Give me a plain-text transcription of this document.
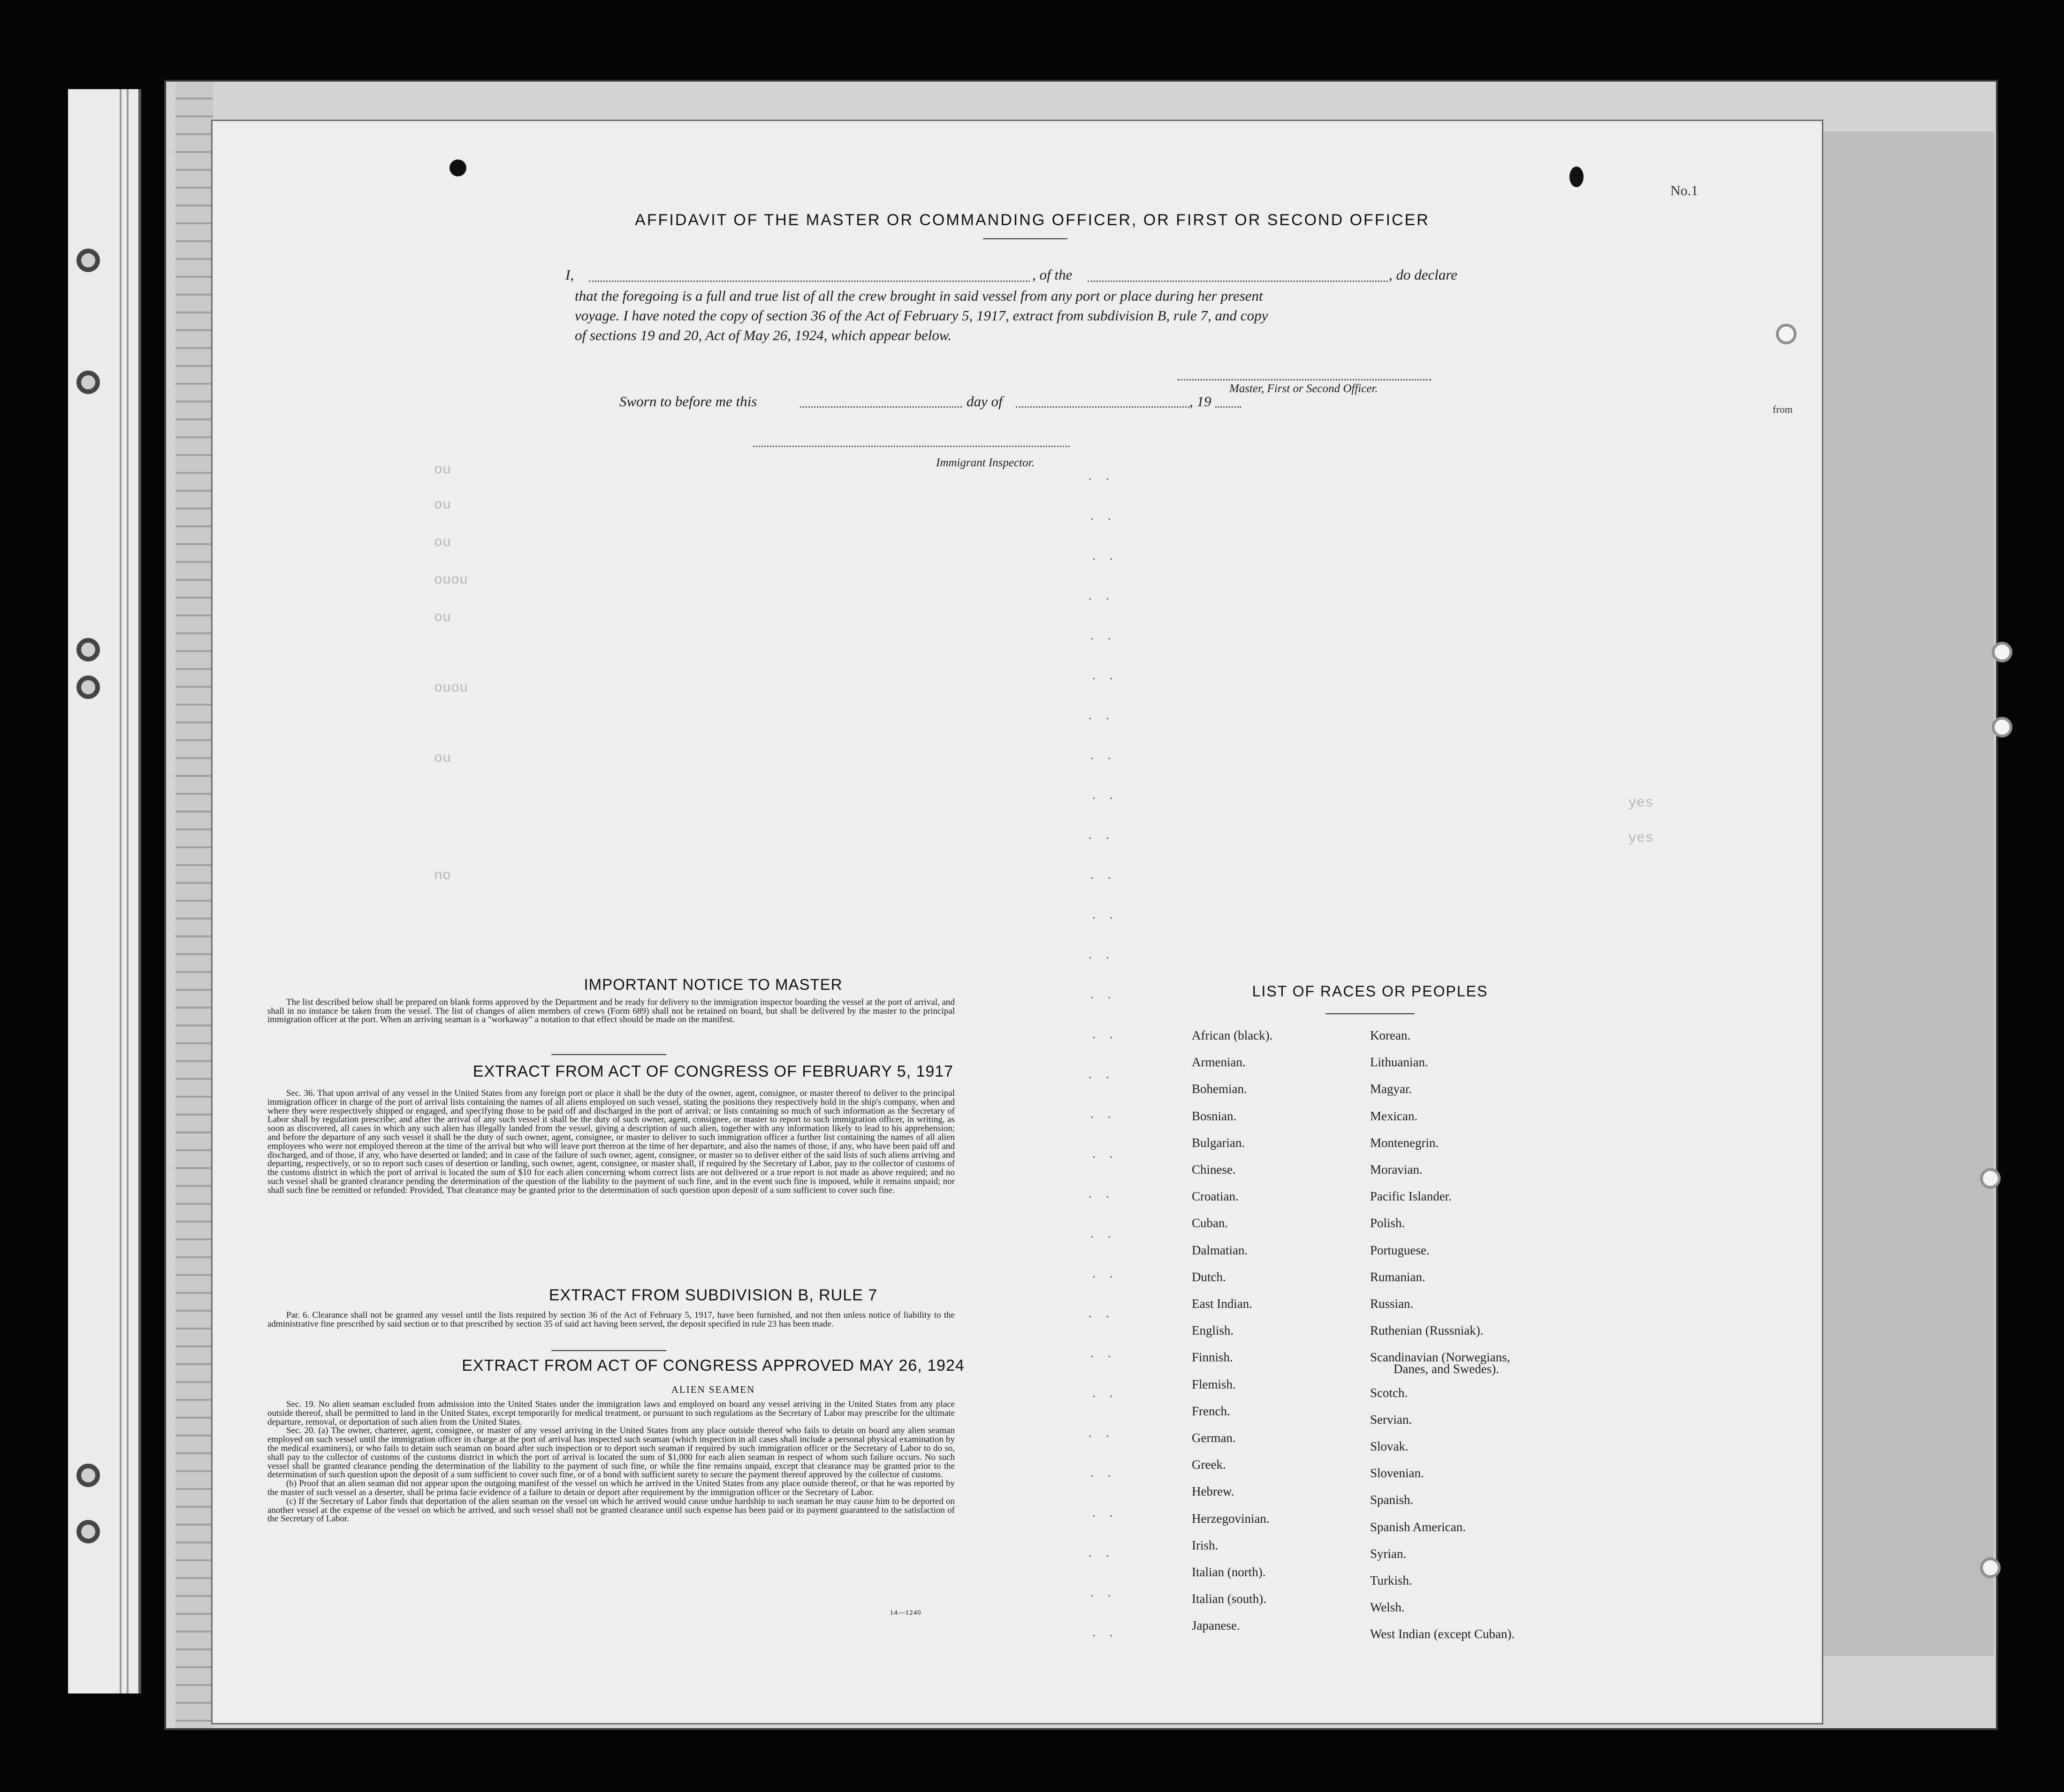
No.1
from
ou
ou
ou
ouou
ou
ouou
ou
yes
yes
no
AFFIDAVIT OF THE MASTER OR COMMANDING OFFICER, OR FIRST OR SECOND OFFICER
I,	, of the	, do declare
that the foregoing is a full and true list of all the crew brought in said vessel from any port or place during her present
voyage. I have noted the copy of section 36 of the Act of February 5, 1917, extract from subdivision B, rule 7, and copy
of sections 19 and 20, Act of May 26, 1924, which appear below.
Master, First or Second Officer.
Sworn to before me this	day of	, 19
Immigrant Inspector.
IMPORTANT NOTICE TO MASTER

The list described below shall be prepared on blank forms approved by the Department and be ready for delivery to the immigration inspector boarding the vessel at the port of arrival, and shall in no instance be taken from the vessel. The list of changes of alien members of crews (Form 689) shall not be retained on board, but shall be delivered by the master to the principal immigration officer at the port. When an arriving seaman is a "workaway" a notation to that effect should be made on the manifest.

EXTRACT FROM ACT OF CONGRESS OF FEBRUARY 5, 1917

Sec. 36. That upon arrival of any vessel in the United States from any foreign port or place it shall be the duty of the owner, agent, consignee, or master thereof to deliver to the principal immigration officer in charge of the port of arrival lists containing the names of all aliens employed on such vessel, stating the positions they respectively hold in the ship's company, when and where they were respectively shipped or engaged, and specifying those to be paid off and discharged in the port of arrival; or lists containing so much of such information as the Secretary of Labor shall by regulation prescribe; and after the arrival of any such vessel it shall be the duty of such owner, agent, consignee, or master to report to such immigration officer, in writing, as soon as discovered, all cases in which any such alien has illegally landed from the vessel, giving a description of such alien, together with any information likely to lead to his apprehension; and before the departure of any such vessel it shall be the duty of such owner, agent, consignee, or master to deliver to such immigration officer a further list containing the names of all alien employees who were not employed thereon at the time of the arrival but who will leave port thereon at the time of her departure, and also the names of those, if any, who have been paid off and discharged, and of those, if any, who have deserted or landed; and in case of the failure of such owner, agent, consignee, or master so to deliver either of the said lists of such aliens arriving and departing, respectively, or so to report such cases of desertion or landing, such owner, agent, consignee, or master shall, if required by the Secretary of Labor, pay to the collector of customs of the customs district in which the port of arrival is located the sum of $10 for each alien concerning whom correct lists are not delivered or a true report is not made as above required; and no such vessel shall be granted clearance pending the determination of the question of the liability to the payment of such fine, and in the event such fine is imposed, while it remains unpaid; nor shall such fine be remitted or refunded: Provided, That clearance may be granted prior to the determination of such question upon deposit of a sum sufficient to cover such fine.

EXTRACT FROM SUBDIVISION B, RULE 7

Par. 6. Clearance shall not be granted any vessel until the lists required by section 36 of the Act of February 5, 1917, have been furnished, and not then unless notice of liability to the administrative fine prescribed by said section or to that prescribed by section 35 of said act having been served, the deposit specified in rule 23 has been made.

EXTRACT FROM ACT OF CONGRESS APPROVED MAY 26, 1924
ALIEN SEAMEN

Sec. 19. No alien seaman excluded from admission into the United States under the immigration laws and employed on board any vessel arriving in the United States from any place outside thereof, shall be permitted to land in the United States, except temporarily for medical treatment, or pursuant to such regulations as the Secretary of Labor may prescribe for the ultimate departure, removal, or deportation of such alien from the United States.

Sec. 20. (a) The owner, charterer, agent, consignee, or master of any vessel arriving in the United States from any place outside thereof who fails to detain on board any alien seaman employed on such vessel until the immigration officer in charge at the port of arrival has inspected such seaman (which inspection in all cases shall include a personal physical examination by the medical examiners), or who fails to detain such seaman on board after such inspection or to deport such seaman if required by such immigration officer or the Secretary of Labor to do so, shall pay to the collector of customs of the customs district in which the port of arrival is located the sum of $1,000 for each alien seaman in respect of whom such failure occurs. No such vessel shall be granted clearance pending the determination of the liability to the payment of such fine, or while the fine remains unpaid, except that clearance may be granted prior to the determination of such question upon the deposit of a sum sufficient to cover such fine, or of a bond with sufficient surety to secure the payment thereof approved by the collector of customs.

(b) Proof that an alien seaman did not appear upon the outgoing manifest of the vessel on which he arrived in the United States from any place outside thereof, or that he was reported by the master of such vessel as a deserter, shall be prima facie evidence of a failure to detain or deport after requirement by the immigration officer or the Secretary of Labor.

(c) If the Secretary of Labor finds that deportation of the alien seaman on the vessel on which he arrived would cause undue hardship to such seaman he may cause him to be deported on another vessel at the expense of the vessel on which he arrived, and such vessel shall not be granted clearance until such expense has been paid or its payment guaranteed to the satisfaction of the Secretary of Labor.

14—1240
. .
. .
. .
. .
. .
. .
. .
. .
. .
. .
. .
. .
. .
. .
. .
. .
. .
. .
. .
. .
. .
. .
. .
. .
. .
. .
. .
. .
. .
. .
LIST OF RACES OR PEOPLES
African (black).
Armenian.
Bohemian.
Bosnian.
Bulgarian.
Chinese.
Croatian.
Cuban.
Dalmatian.
Dutch.
East Indian.
English.
Finnish.
Flemish.
French.
German.
Greek.
Hebrew.
Herzegovinian.
Irish.
Italian (north).
Italian (south).
Japanese.
Korean.
Lithuanian.
Magyar.
Mexican.
Montenegrin.
Moravian.
Pacific Islander.
Polish.
Portuguese.
Rumanian.
Russian.
Ruthenian (Russniak).
Scandinavian (Norwegians,
Scotch.
Servian.
Slovak.
Slovenian.
Spanish.
Spanish American.
Syrian.
Turkish.
Welsh.
West Indian (except Cuban).
Danes, and Swedes).
